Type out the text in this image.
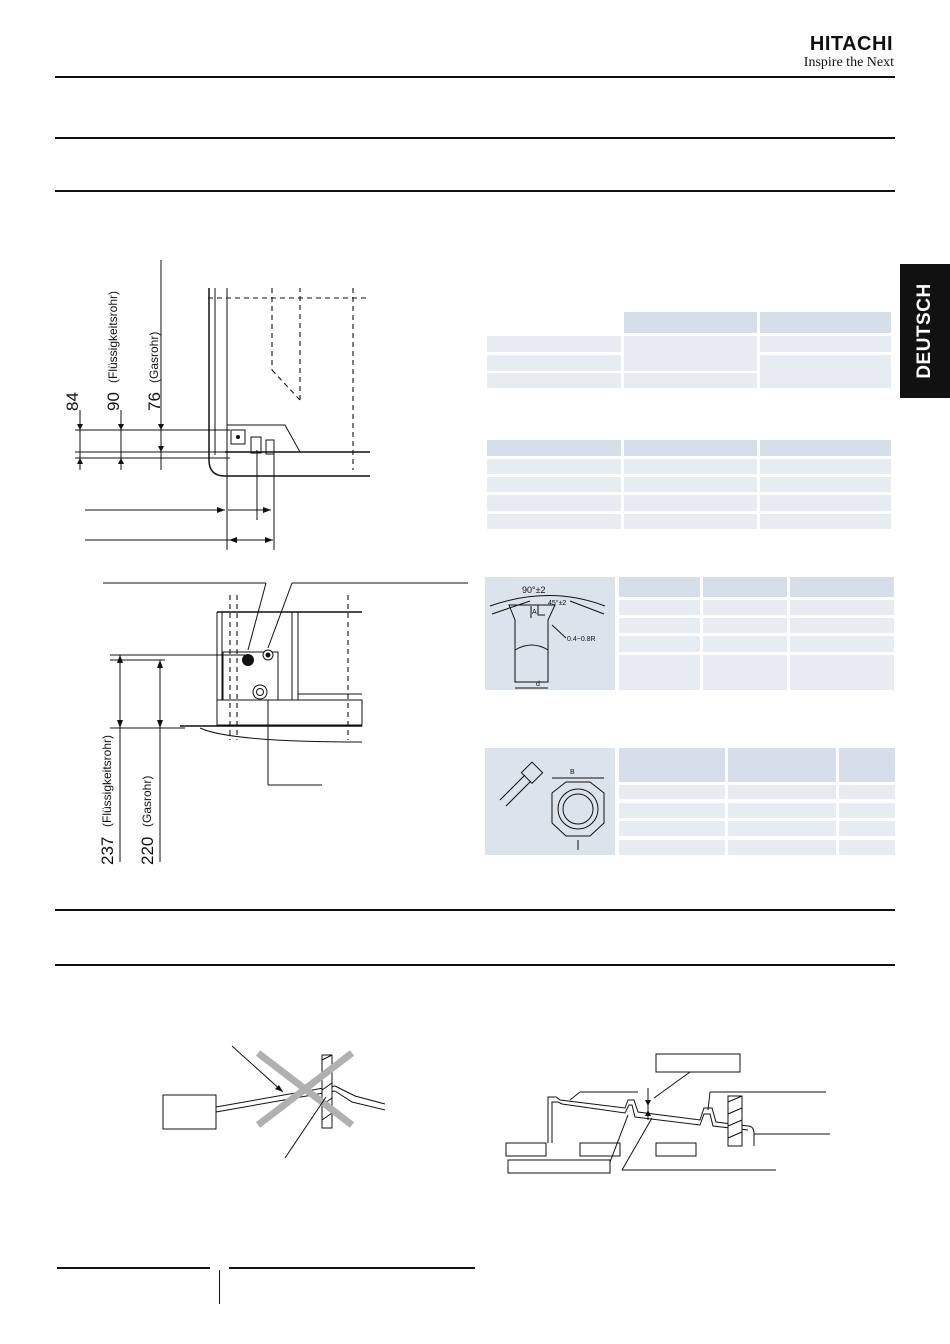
HITACHI
Inspire the Next
DEUTSCH
84 90
(Flüssigkeitsrohr)
76
(Gasrohr)
237
(Flüssigkeitsrohr)
220
(Gasrohr)
90°±2
45°±2
0.4~0.8R
A
d
B
